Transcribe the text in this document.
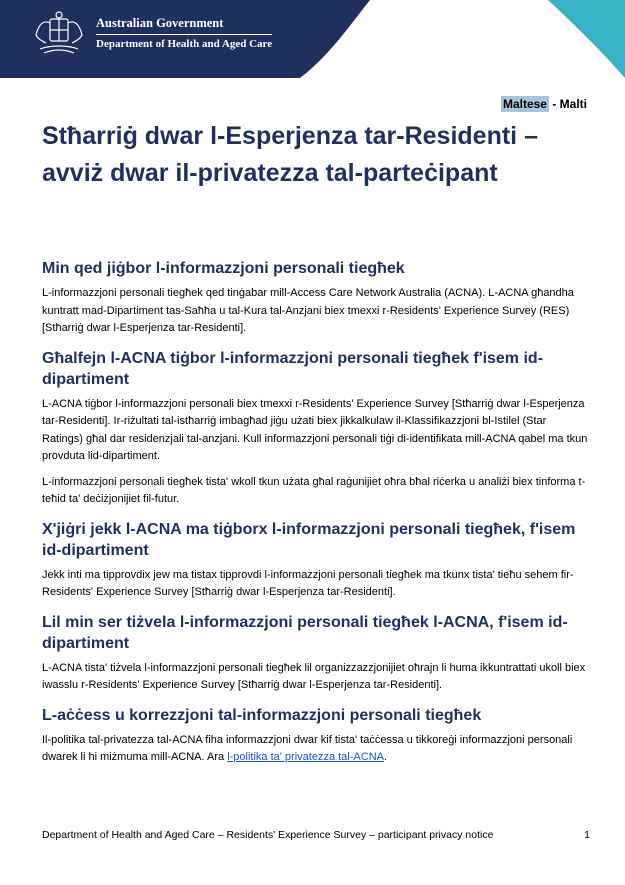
Australian Government
Department of Health and Aged Care
Maltese - Malti
Stħarriġ dwar l-Esperjenza tar-Residenti – avviż dwar il-privatezza tal-parteċipant
Min qed jiġbor l-informazzjoni personali tiegħek

L-informazzjoni personali tiegħek qed tinġabar mill-Access Care Network Australia (ACNA). L-ACNA għandha kuntratt mad-Dipartiment tas-Saħħa u tal-Kura tal-Anzjani biex tmexxi r-Residents' Experience Survey (RES) [Stħarriġ dwar l-Esperjenza tar-Residenti].

Għalfejn l-ACNA tiġbor l-informazzjoni personali tiegħek f'isem id-dipartiment

L-ACNA tiġbor l-informazzjoni personali biex tmexxi r-Residents' Experience Survey [Stħarriġ dwar l-Esperjenza tar-Residenti]. Ir-riżultati tal-istħarriġ imbagħad jiġu użati biex jikkalkulaw il-Klassifikazzjoni bl-Istilel (Star Ratings) għal dar residenzjali tal-anzjani. Kull informazzjoni personali tiġi di-identifikata mill-ACNA qabel ma tkun provduta lid-dipartiment.

L-informazzjoni personali tiegħek tista' wkoll tkun użata għal raġunijiet oħra bħal riċerka u analiżi biex tinforma t-teħid ta' deċiżjonijiet fil-futur.

X'jiġri jekk l-ACNA ma tiġborx l-informazzjoni personali tiegħek, f'isem id-dipartiment

Jekk inti ma tipprovdix jew ma tistax tipprovdi l-informazzjoni personali tiegħek ma tkunx tista' tieħu sehem fir-Residents' Experience Survey [Stħarriġ dwar l-Esperjenza tar-Residenti].

Lil min ser tiżvela l-informazzjoni personali tiegħek l-ACNA, f'isem id-dipartiment

L-ACNA tista' tiżvela l-informazzjoni personali tiegħek lil organizzazzjonijiet oħrajn li huma ikkuntrattati ukoll biex iwasslu r-Residents' Experience Survey [Stħarriġ dwar l-Esperjenza tar-Residenti].

L-aċċess u korrezzjoni tal-informazzjoni personali tiegħek

Il-politika tal-privatezza tal-ACNA fiha informazzjoni dwar kif tista' taċċessa u tikkoreġi informazzjoni personali dwarek li hi miżmuma mill-ACNA. Ara l-politika ta' privatezza tal-ACNA.

Department of Health and Aged Care – Residents' Experience Survey – participant privacy notice	1
